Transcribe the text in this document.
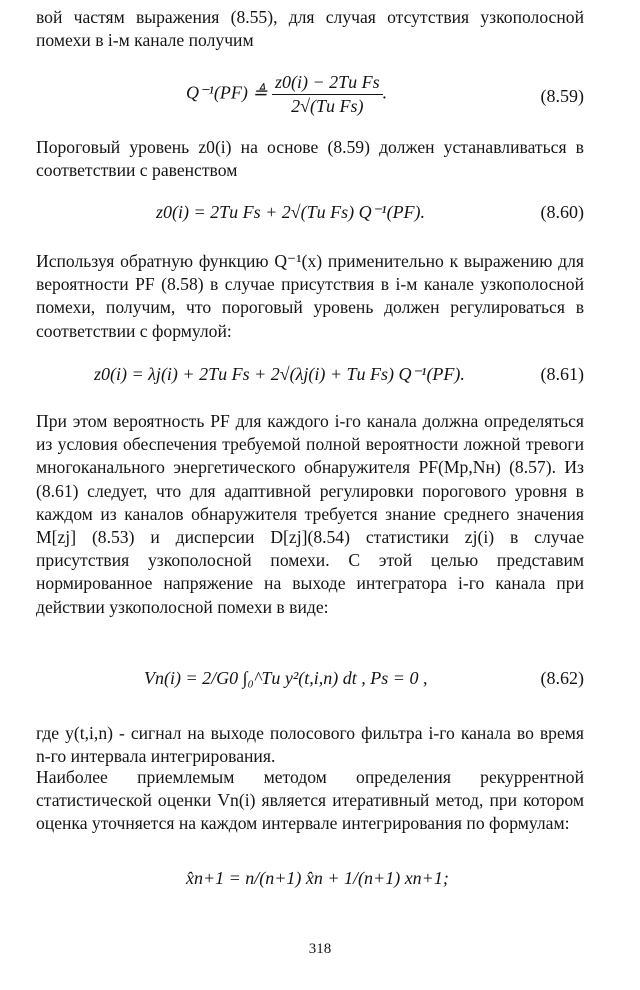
вой частям выражения (8.55), для случая отсутствия узкополосной помехи в i-м канале получим

Q⁻¹(PF) ≜ $\frac{\text{z0(i) − 2Tи Fs}}{\text{2√(Tи Fs)}}$ .	(8.59)

Пороговый уровень z0(i) на основе (8.59) должен устанавливаться в соответствии с равенством

z0(i) = 2Tи Fs + 2√(Tи Fs) Q⁻¹(PF).	(8.60)

Используя обратную функцию Q⁻¹(x) применительно к выражению для вероятности PF (8.58) в случае присутствия в i-м канале узкополосной помехи, получим, что пороговый уровень должен регулироваться в соответствии с формулой:

z0(i) = λj(i) + 2Tи Fs + 2√(λj(i) + Tи Fs) Q⁻¹(PF).	(8.61)

При этом вероятность PF для каждого i-го канала должна определяться из условия обеспечения требуемой полной вероятности ложной тревоги многоканального энергетического обнаружителя PF(Mp,Nн) (8.57). Из (8.61) следует, что для адаптивной регулировки порогового уровня в каждом из каналов обнаружителя требуется знание среднего значения M[zj] (8.53) и дисперсии D[zj](8.54) статистики zj(i) в случае присутствия узкополосной помехи. С этой целью представим нормированное напряжение на выходе интегратора i-го канала при действии узкополосной помехи в виде:

Vn(i) = 2/G0 ∫₀^Tи y²(t,i,n) dt , Ps = 0 ,	(8.62)

где y(t,i,n) - сигнал на выходе полосового фильтра i-го канала во время n-го интервала интегрирования.

Наиболее приемлемым методом определения рекуррентной статистической оценки Vn(i) является итеративный метод, при котором оценка уточняется на каждом интервале интегрирования по формулам:

x̂n+1 = n/(n+1) x̂n + 1/(n+1) xn+1;
318
